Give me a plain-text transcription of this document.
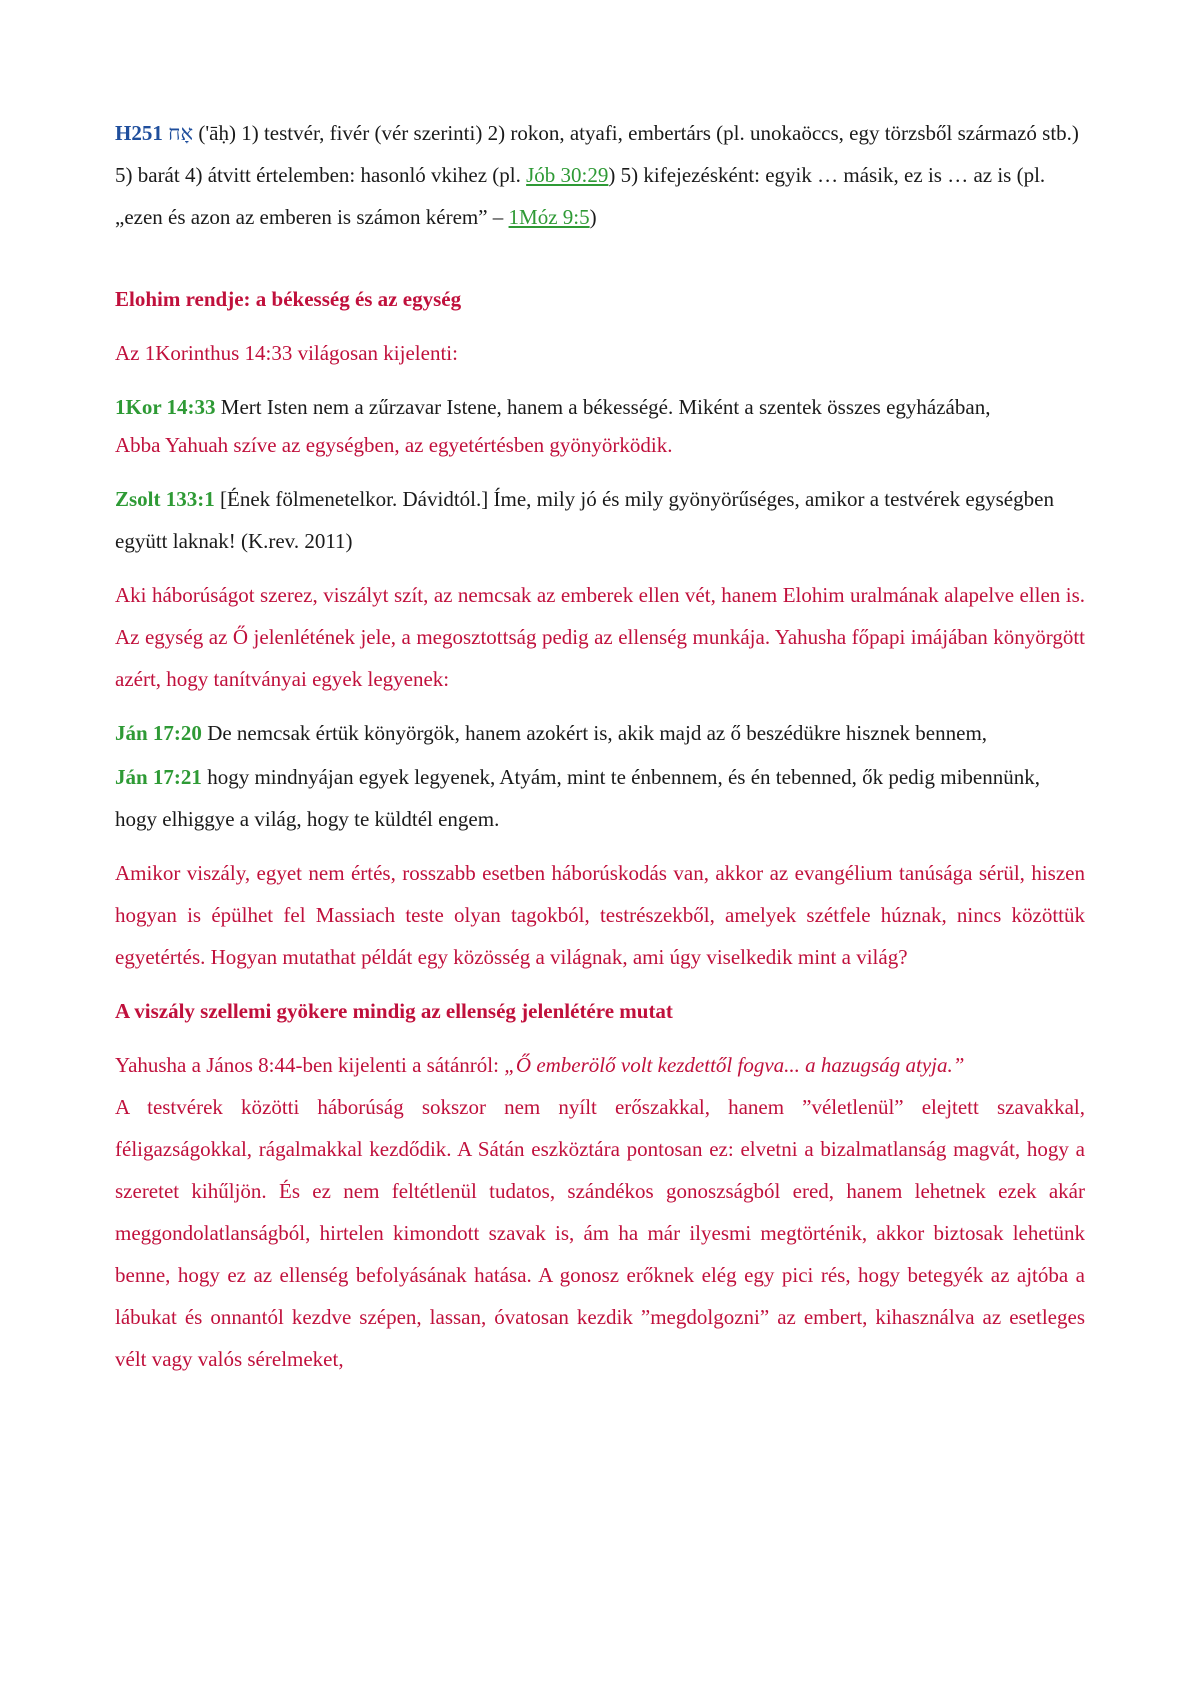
H251 אָח ('āḥ) 1) testvér, fivér (vér szerinti) 2) rokon, atyafi, embertárs (pl. unokaöccs, egy törzsből származó stb.) 5) barát 4) átvitt értelemben: hasonló vkihez (pl. Jób 30:29) 5) kifejezésként: egyik … másik, ez is … az is (pl. „ezen és azon az emberen is számon kérem” – 1Móz 9:5)

Elohim rendje: a békesség és az egység

Az 1Korinthus 14:33 világosan kijelenti:

1Kor 14:33 Mert Isten nem a zűrzavar Istene, hanem a békességé. Miként a szentek összes egyházában,

Abba Yahuah szíve az egységben, az egyetértésben gyönyörködik.

Zsolt 133:1 [Ének fölmenetelkor. Dávidtól.] Íme, mily jó és mily gyönyörűséges, amikor a testvérek egységben együtt laknak! (K.rev. 2011)

Aki háborúságot szerez, viszályt szít, az nemcsak az emberek ellen vét, hanem Elohim uralmának alapelve ellen is. Az egység az Ő jelenlétének jele, a megosztottság pedig az ellenség munkája. Yahusha főpapi imájában könyörgött azért, hogy tanítványai egyek legyenek:

Ján 17:20 De nemcsak értük könyörgök, hanem azokért is, akik majd az ő beszédükre hisznek bennem,

Ján 17:21 hogy mindnyájan egyek legyenek, Atyám, mint te énbennem, és én tebenned, ők pedig mibennünk, hogy elhiggye a világ, hogy te küldtél engem.

Amikor viszály, egyet nem értés, rosszabb esetben háborúskodás van, akkor az evangélium tanúsága sérül, hiszen hogyan is épülhet fel Massiach teste olyan tagokból, testrészekből, amelyek szétfele húznak, nincs közöttük egyetértés. Hogyan mutathat példát egy közösség a világnak, ami úgy viselkedik mint a világ?

A viszály szellemi gyökere mindig az ellenség jelenlétére mutat

Yahusha a János 8:44-ben kijelenti a sátánról: „Ő emberölő volt kezdettől fogva... a hazugság atyja.”

A testvérek közötti háborúság sokszor nem nyílt erőszakkal, hanem ”véletlenül” elejtett szavakkal, féligazságokkal, rágalmakkal kezdődik. A Sátán eszköztára pontosan ez: elvetni a bizalmatlanság magvát, hogy a szeretet kihűljön. És ez nem feltétlenül tudatos, szándékos gonoszságból ered, hanem lehetnek ezek akár meggondolatlanságból, hirtelen kimondott szavak is, ám ha már ilyesmi megtörténik, akkor biztosak lehetünk benne, hogy ez az ellenség befolyásának hatása. A gonosz erőknek elég egy pici rés, hogy betegyék az ajtóba a lábukat és onnantól kezdve szépen, lassan, óvatosan kezdik ”megdolgozni” az embert, kihasználva az esetleges vélt vagy valós sérelmeket,
